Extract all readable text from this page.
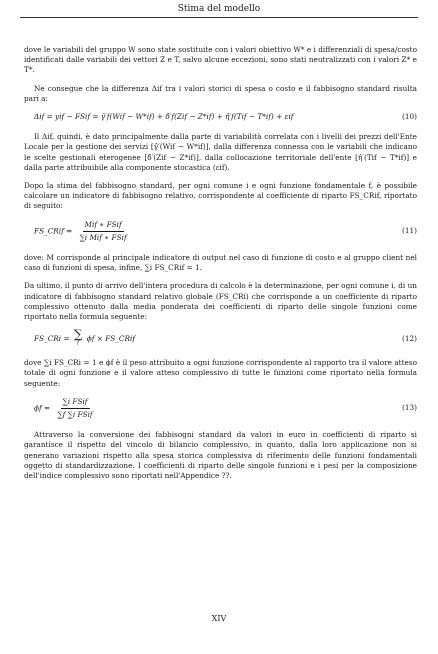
Stima del modello

dove le variabili del gruppo W sono state sostituite con i valori obiettivo W* e i differenziali di spesa/costo identificati dalle variabili dei vettori Z e T, salvo alcune eccezioni, sono stati neutralizzati con i valori Z* e T*.

Ne consegue che la differenza Δif tra i valori storici di spesa o costo e il fabbisogno standard risulta pari a:

Δif = yif − FSif = γ̂′f(Wif − W*if) + δ̂′f(Zif − Z*if) + η̂′f(Tif − T*if) + εif	(10)

Il Δif, quindi, è dato principalmente dalla parte di variabilità correlata con i livelli dei prezzi dell'Ente Locale per la gestione dei servizi [γ̂′(Wif − W*if)], dalla differenza connessa con le variabili che indicano le scelte gestionali eterogenee [δ̂′(Zif − Z*if)], dalla collocazione territoriale dell'ente [η̂′(Tif − T*if)] e dalla parte attribuibile alla componente stocastica (εif).

Dopo la stima del fabbisogno standard, per ogni comune i e ogni funzione fondamentale f, è possibile calcolare un indicatore di fabbisogno relativo, corrispondente al coefficiente di riparto FS_CRif, riportato di seguito:

FS_CRif = $\frac{\text{Mif ∗ FSif}}{\text{∑i Mif ∗ FSif}}$	(11)

dove: M corrisponde al principale indicatore di output nel caso di funzione di costo e al gruppo client nel caso di funzioni di spesa, infine, ∑i FS_CRif = 1.

Da ultimo, il punto di arrivo dell'intera procedura di calcolo è la determinazione, per ogni comune i, di un indicatore di fabbisogno standard relativo globale (FS_CRi) che corrisponde a un coefficiente di riparto complessivo ottenuto dalla media ponderata dei coefficienti di riparto delle singole funzioni come riportato nella formula seguente:

FS_CRi = ∑
f ϕf × FS_CRif	(12)

dove ∑i FS_CRi = 1 e ϕf è il peso attribuito a ogni funzione corrispondente al rapporto tra il valore atteso totale di ogni funzione e il valore atteso complessivo di tutte le funzioni come riportato nella formula seguente:

$\phi f = \frac{\text{∑i FSif}}{\text{∑f ∑i FSif}}$	(13)

Attraverso la conversione dei fabbisogni standard da valori in euro in coefficienti di riparto si garantisce il rispetto del vincolo di bilancio complessivo, in quanto, dalla loro applicazione non si generano variazioni rispetto alla spesa storica complessiva di riferimento delle funzioni fondamentali oggetto di standardizzazione. I coefficienti di riparto delle singole funzioni e i pesi per la composizione dell'indice complessivo sono riportati nell'Appendice ??.

XIV
